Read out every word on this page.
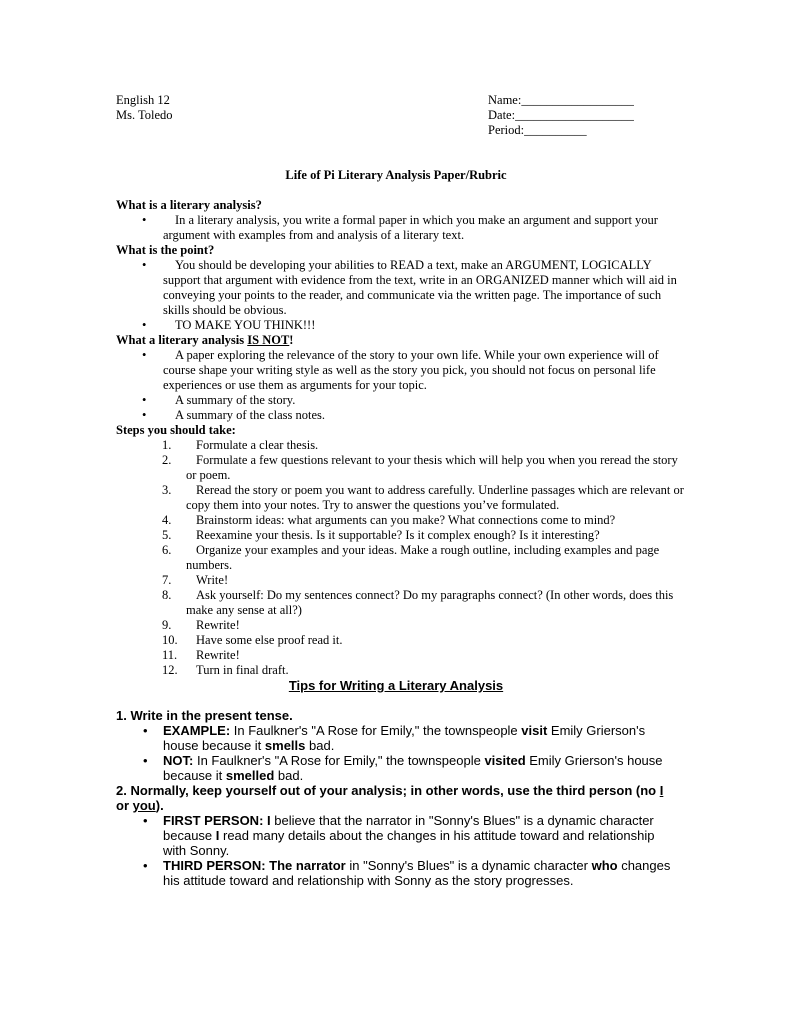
English 12
Ms. Toledo
Name:__________________
Date:___________________
Period:__________
Life of Pi Literary Analysis Paper/Rubric
What is a literary analysis?
•	In a literary analysis, you write a formal paper in which you make an argument and support your argument with examples from and analysis of a literary text.
What is the point?
•	You should be developing your abilities to READ a text, make an ARGUMENT, LOGICALLY support that argument with evidence from the text, write in an ORGANIZED manner which will aid in conveying your points to the reader, and communicate via the written page. The importance of such skills should be obvious.
•	TO MAKE YOU THINK!!!
What a literary analysis IS NOT!
•	A paper exploring the relevance of the story to your own life. While your own experience will of course shape your writing style as well as the story you pick, you should not focus on personal life experiences or use them as arguments for your topic.
•	A summary of the story.
•	A summary of the class notes.
Steps you should take:
1. Formulate a clear thesis.
2. Formulate a few questions relevant to your thesis which will help you when you reread the story or poem.
3. Reread the story or poem you want to address carefully. Underline passages which are relevant or copy them into your notes. Try to answer the questions you’ve formulated.
4. Brainstorm ideas: what arguments can you make? What connections come to mind?
5. Reexamine your thesis. Is it supportable? Is it complex enough? Is it interesting?
6. Organize your examples and your ideas. Make a rough outline, including examples and page numbers.
7. Write!
8. Ask yourself: Do my sentences connect? Do my paragraphs connect? (In other words, does this make any sense at all?)
9. Rewrite!
10. Have some else proof read it.
11. Rewrite!
12. Turn in final draft.
Tips for Writing a Literary Analysis
1. Write in the present tense.
• EXAMPLE: In Faulkner's "A Rose for Emily," the townspeople visit Emily Grierson's house because it smells bad.
• NOT: In Faulkner's "A Rose for Emily," the townspeople visited Emily Grierson's house because it smelled bad.
2. Normally, keep yourself out of your analysis; in other words, use the third person (no I or you).
• FIRST PERSON: I believe that the narrator in "Sonny's Blues" is a dynamic character because I read many details about the changes in his attitude toward and relationship with Sonny.
• THIRD PERSON: The narrator in "Sonny's Blues" is a dynamic character who changes his attitude toward and relationship with Sonny as the story progresses.
